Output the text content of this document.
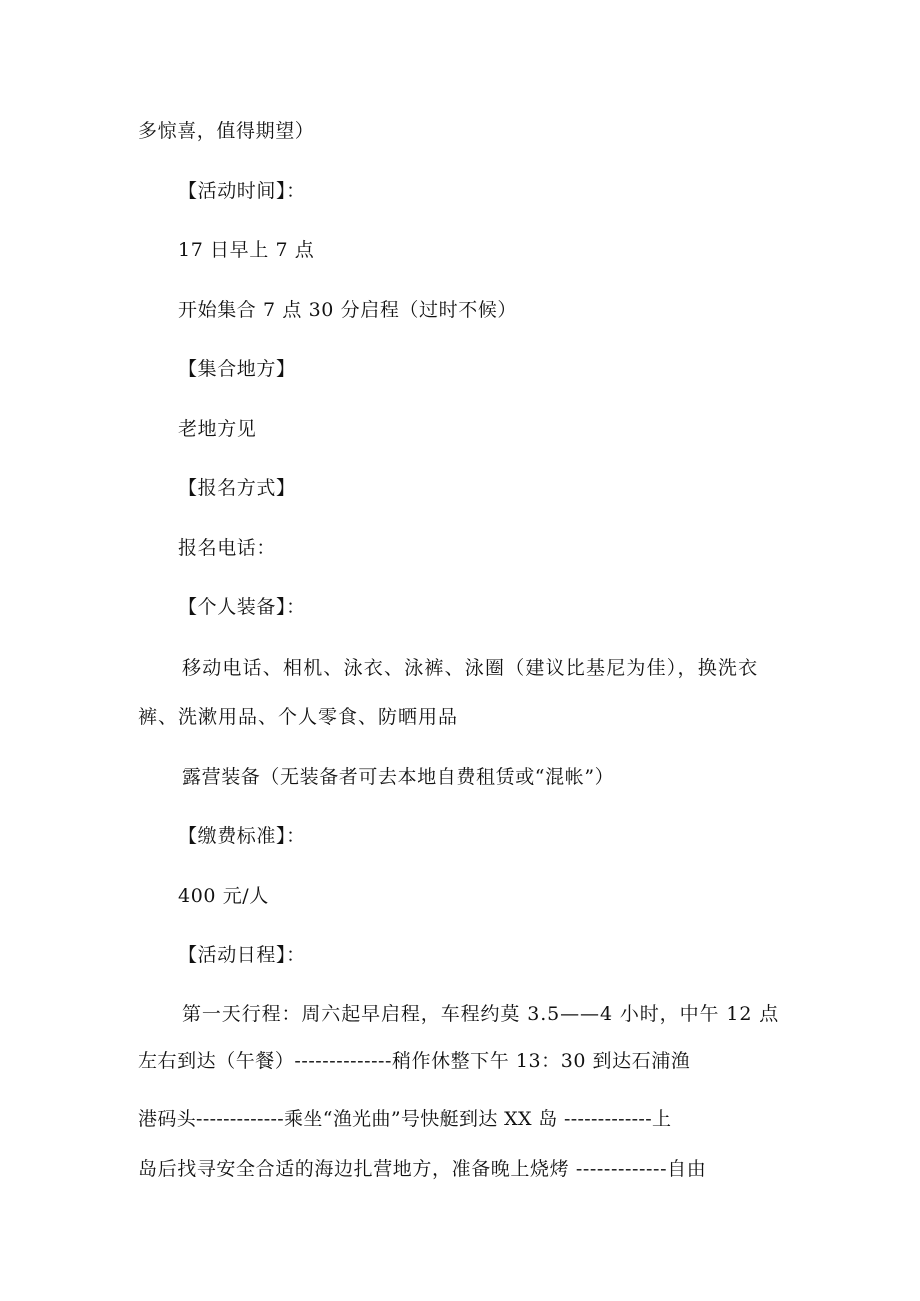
多惊喜，值得期望）

【活动时间】：

17 日早上 7 点

开始集合 7 点 30 分启程（过时不候）

【集合地方】

老地方见

【报名方式】

报名电话：

【个人装备】：

移动电话、相机、泳衣、泳裤、泳圈（建议比基尼为佳），换洗衣

裤、洗漱用品、个人零食、防晒用品

露营装备（无装备者可去本地自费租赁或“混帐”）

【缴费标准】：

400 元/人

【活动日程】：

第一天行程：周六起早启程，车程约莫 3.5——4 小时，中午 12 点

左右到达（午餐）--------------稍作休整下午 13：30 到达石浦渔

港码头-------------乘坐“渔光曲”号快艇到达 XX 岛 -------------上

岛后找寻安全合适的海边扎营地方，准备晚上烧烤 -------------自由
